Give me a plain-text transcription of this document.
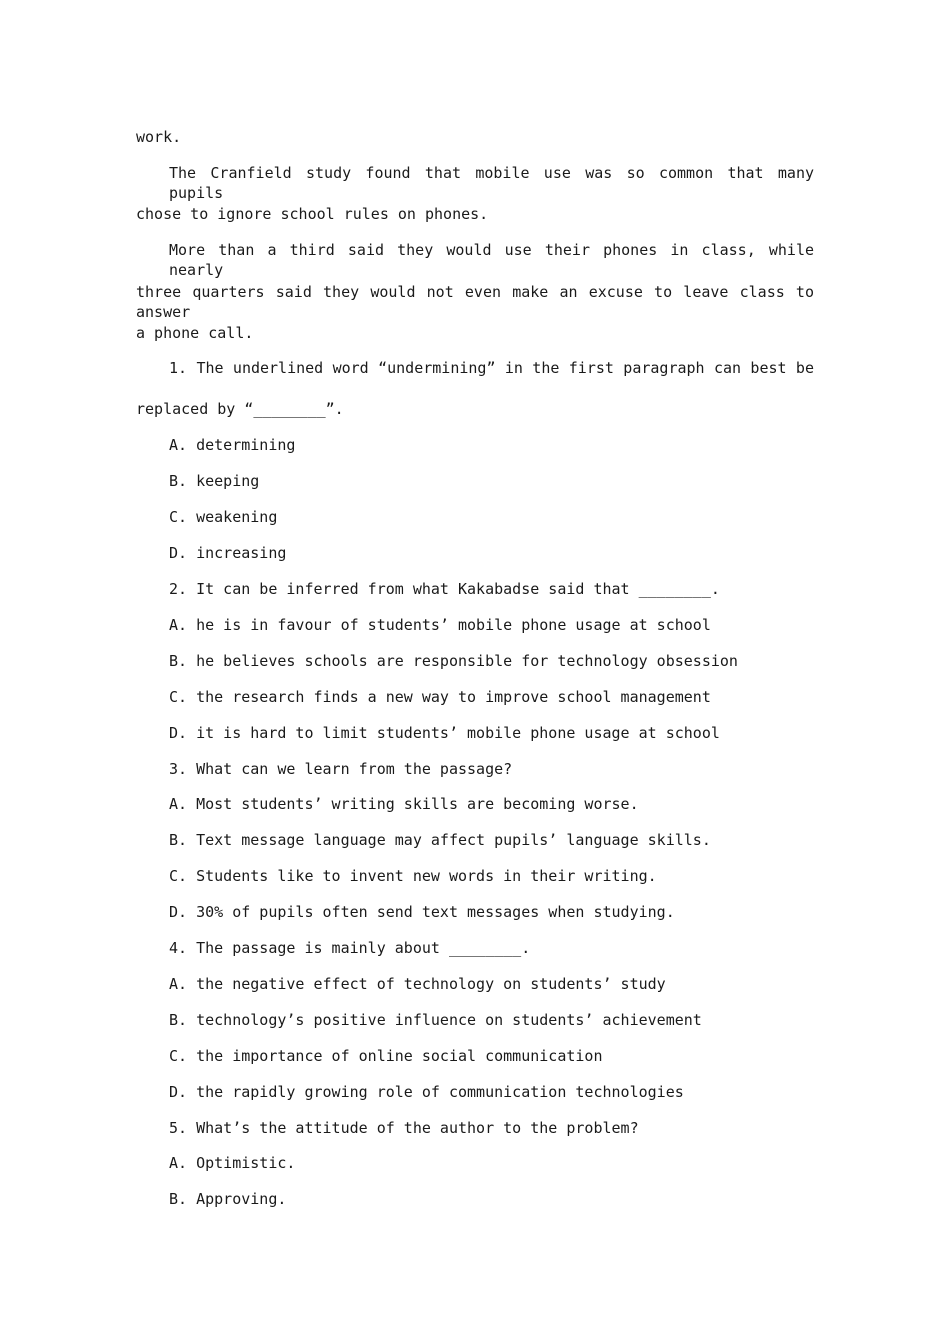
work.
The Cranfield study found that mobile use was so common that many pupils
chose to ignore school rules on phones.
More than a third said they would use their phones in class, while nearly
three quarters said they would not even make an excuse to leave class to answer
a phone call.
1. The underlined word “undermining” in the first paragraph can best be
replaced by “________”.
A. determining
B. keeping
C. weakening
D. increasing
2. It can be inferred from what Kakabadse said that ________.
A. he is in favour of students’ mobile phone usage at school
B. he believes schools are responsible for technology obsession
C. the research finds a new way to improve school management
D. it is hard to limit students’ mobile phone usage at school
3. What can we learn from the passage?
A. Most students’ writing skills are becoming worse.
B. Text message language may affect pupils’ language skills.
C. Students like to invent new words in their writing.
D. 30% of pupils often send text messages when studying.
4. The passage is mainly about ________.
A. the negative effect of technology on students’ study
B. technology’s positive influence on students’ achievement
C. the importance of online social communication
D. the rapidly growing role of communication technologies
5. What’s the attitude of the author to the problem?
A. Optimistic.
B. Approving.
